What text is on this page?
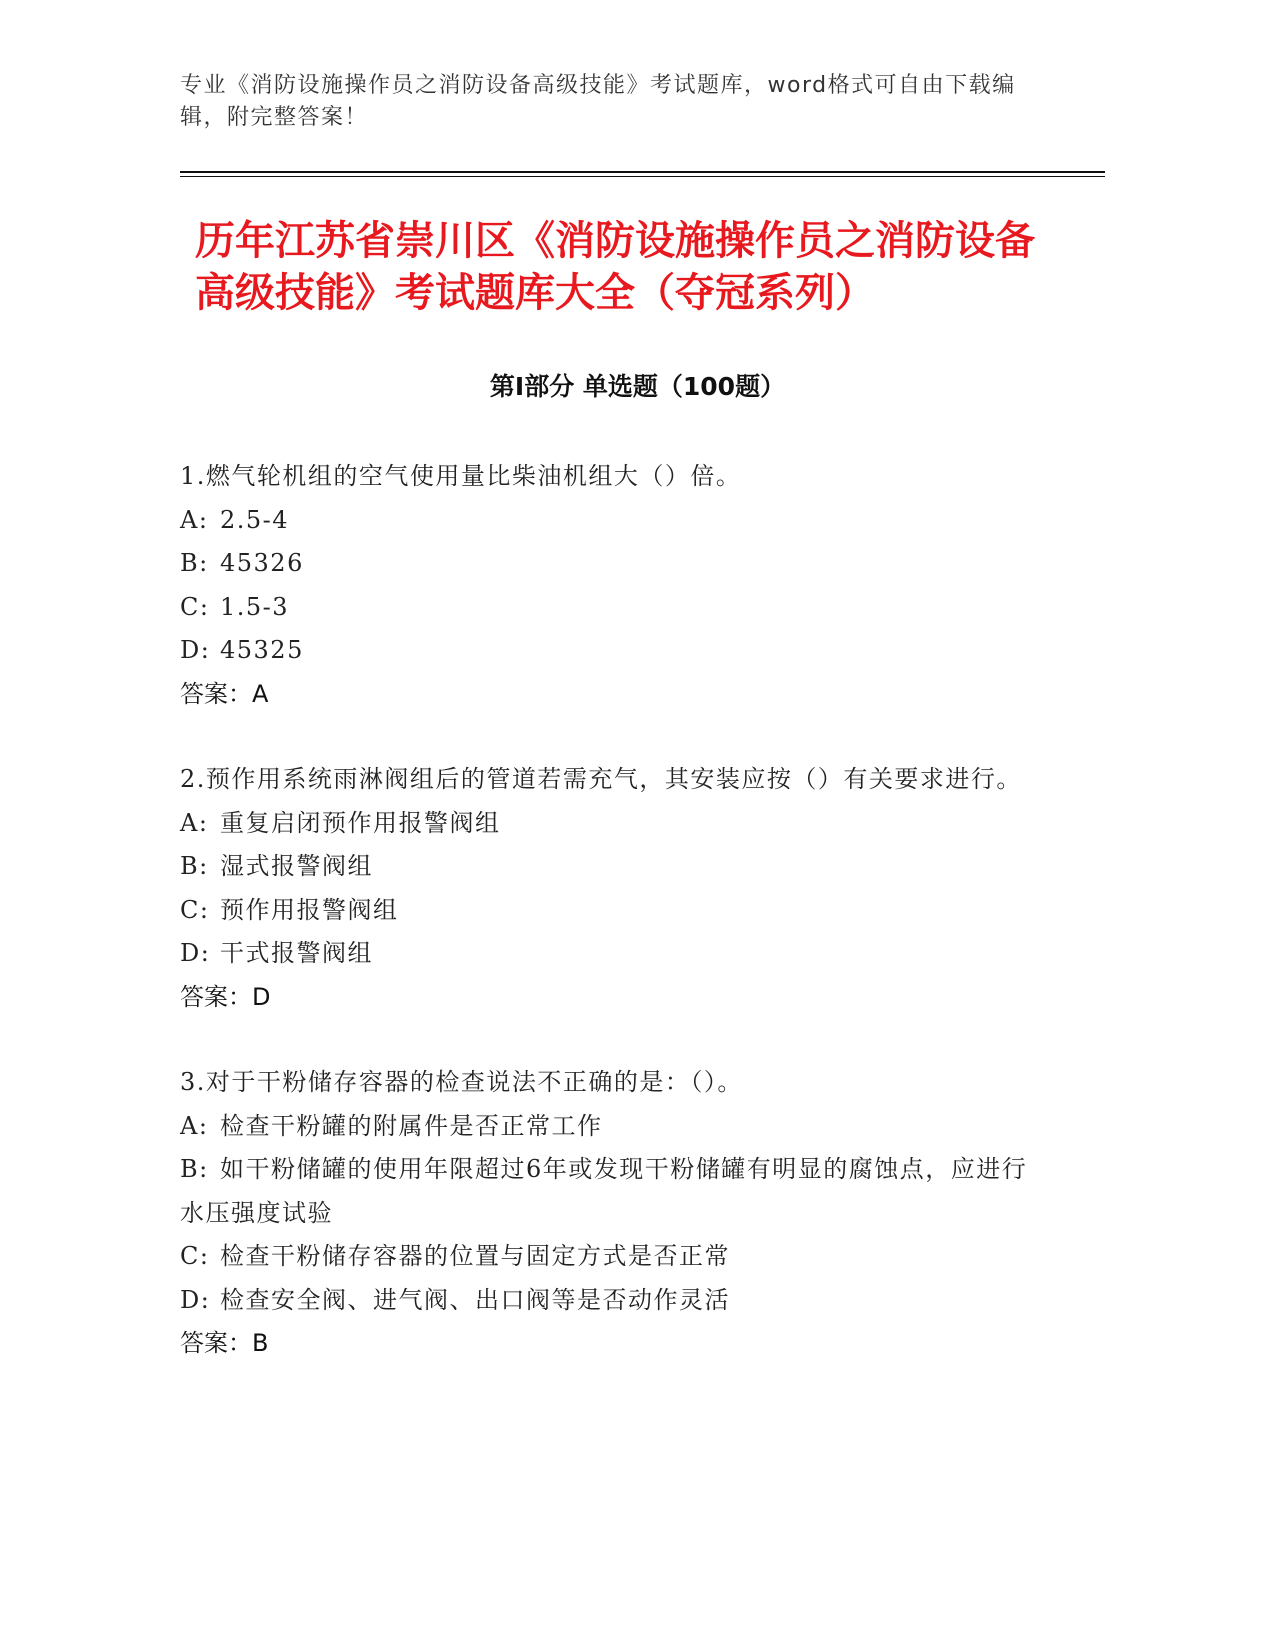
专业《消防设施操作员之消防设备高级技能》考试题库，word格式可自由下载编辑，附完整答案！
历年江苏省崇川区《消防设施操作员之消防设备高级技能》考试题库大全（夺冠系列）
第Ⅰ部分 单选题（100题）
1.燃气轮机组的空气使用量比柴油机组大（）倍。
A: 2.5-4
B: 45326
C: 1.5-3
D: 45325
答案：A
2.预作用系统雨淋阀组后的管道若需充气，其安装应按（）有关要求进行。
A: 重复启闭预作用报警阀组
B: 湿式报警阀组
C: 预作用报警阀组
D: 干式报警阀组
答案：D
3.对于干粉储存容器的检查说法不正确的是：（）。
A: 检查干粉罐的附属件是否正常工作
B: 如干粉储罐的使用年限超过6年或发现干粉储罐有明显的腐蚀点，应进行水压强度试验
C: 检查干粉储存容器的位置与固定方式是否正常
D: 检查安全阀、进气阀、出口阀等是否动作灵活
答案：B
